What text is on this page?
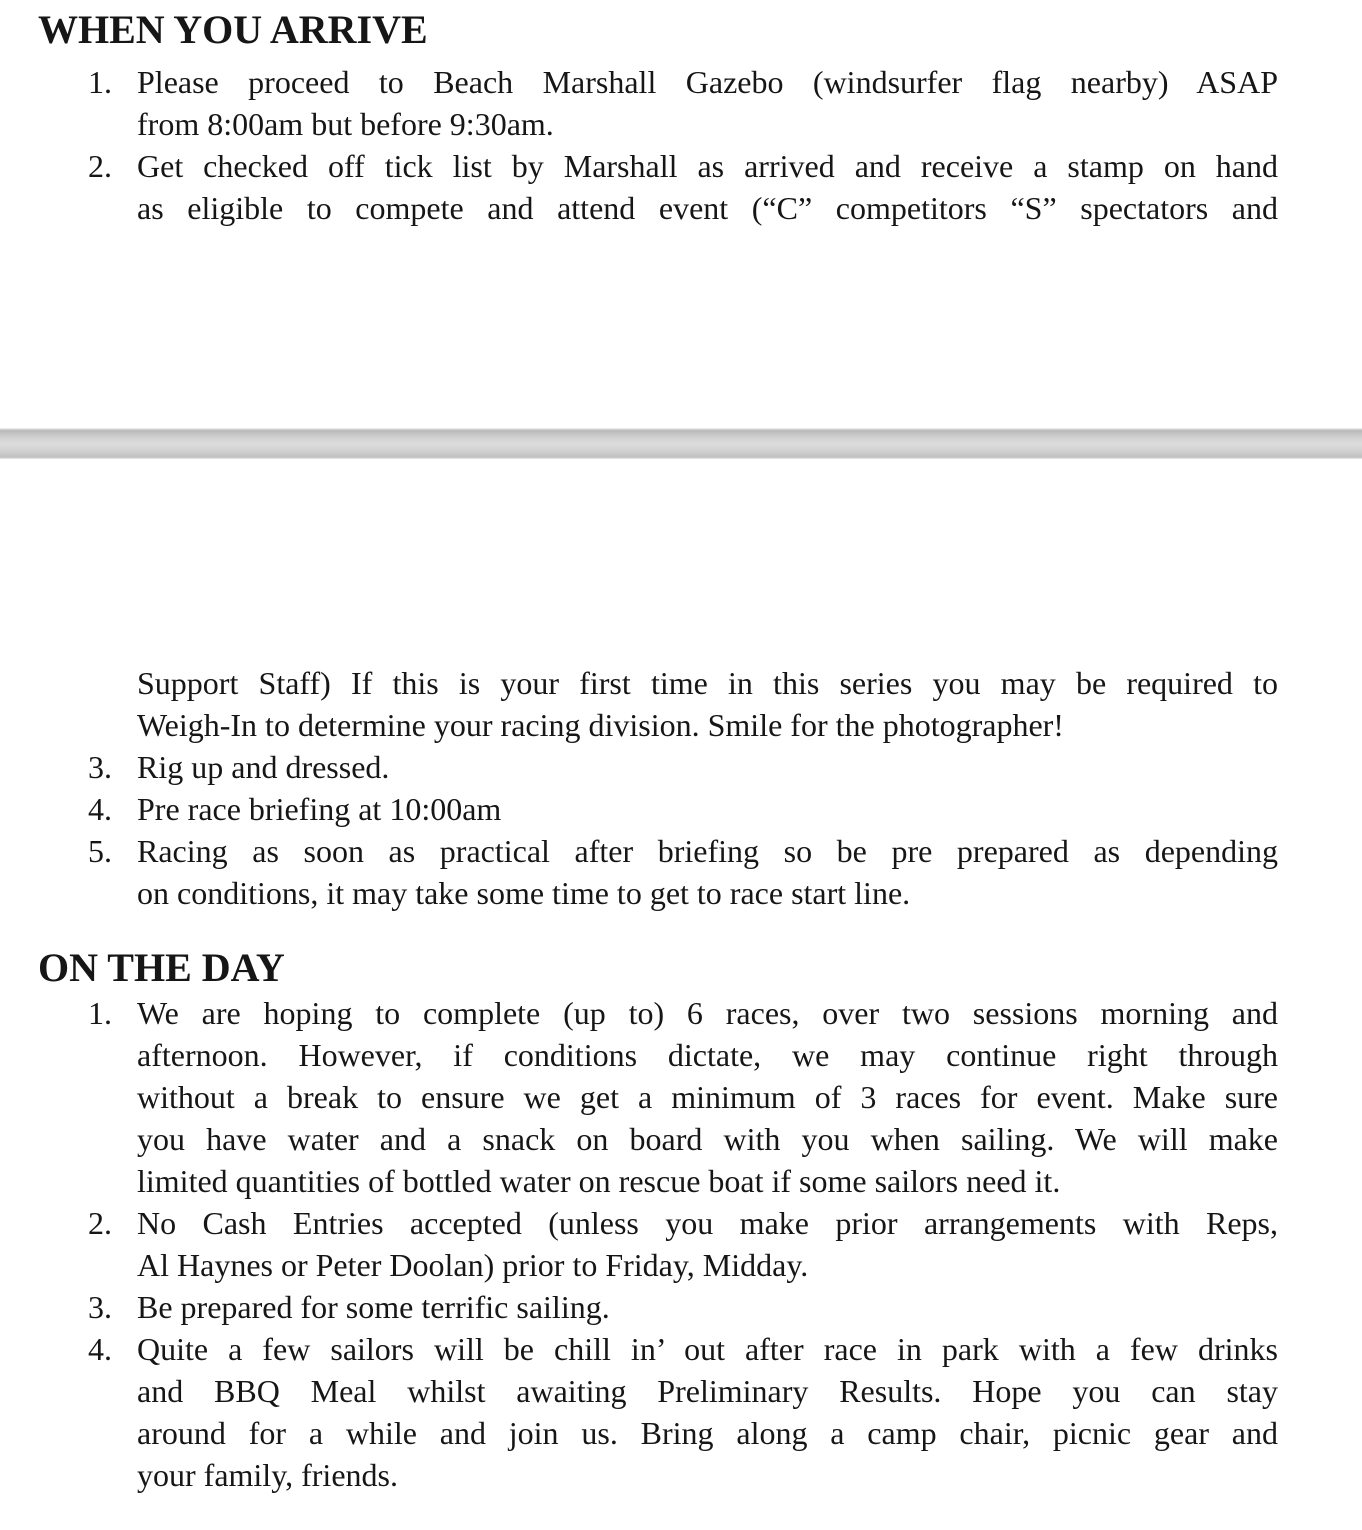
WHEN YOU ARRIVE
1. Please proceed to Beach Marshall Gazebo (windsurfer flag nearby) ASAP
from 8:00am but before 9:30am.
2. Get checked off tick list by Marshall as arrived and receive a stamp on hand
as eligible to compete and attend event (“C” competitors “S” spectators and
Support Staff) If this is your first time in this series you may be required to
Weigh-In to determine your racing division. Smile for the photographer!
3. Rig up and dressed.
4. Pre race briefing at 10:00am
5. Racing as soon as practical after briefing so be pre prepared as depending
on conditions, it may take some time to get to race start line.
ON THE DAY
1. We are hoping to complete (up to) 6 races, over two sessions morning and
afternoon. However, if conditions dictate, we may continue right through
without a break to ensure we get a minimum of 3 races for event. Make sure
you have water and a snack on board with you when sailing. We will make
limited quantities of bottled water on rescue boat if some sailors need it.
2. No Cash Entries accepted (unless you make prior arrangements with Reps,
Al Haynes or Peter Doolan) prior to Friday, Midday.
3. Be prepared for some terrific sailing.
4. Quite a few sailors will be chill in’ out after race in park with a few drinks
and BBQ Meal whilst awaiting Preliminary Results. Hope you can stay
around for a while and join us. Bring along a camp chair, picnic gear and
your family, friends.
